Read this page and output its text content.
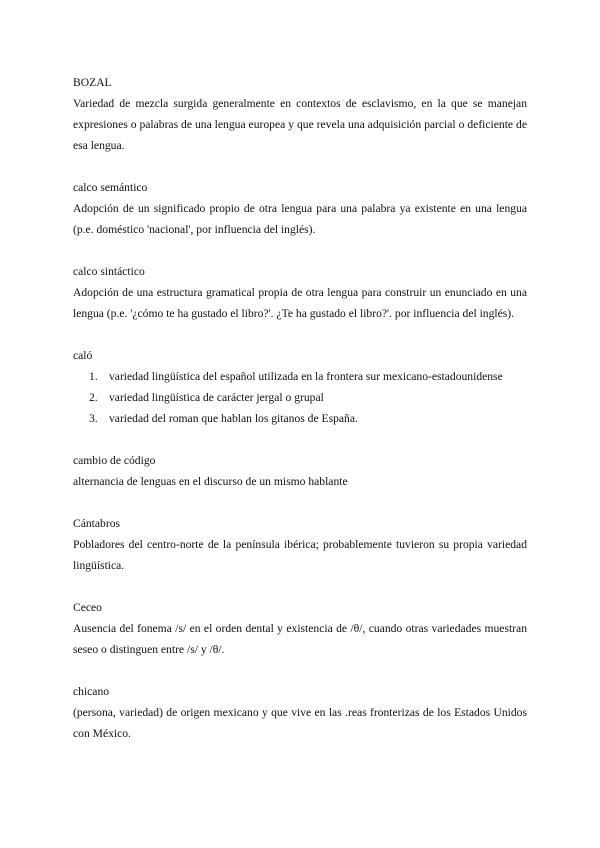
BOZAL
Variedad de mezcla surgida generalmente en contextos de esclavismo, en la que se manejan expresiones o palabras de una lengua europea y que revela una adquisición parcial o deficiente de esa lengua.
calco semántico
Adopción de un significado propio de otra lengua para una palabra ya existente en una lengua (p.e. doméstico 'nacional', por influencia del inglés).
calco sintáctico
Adopción de una estructura gramatical propia de otra lengua para construir un enunciado en una lengua (p.e. '¿cómo te ha gustado el libro?'. ¿Te ha gustado el libro?'. por influencia del inglés).
caló
1. variedad lingüística del español utilizada en la frontera sur mexicano-estadounidense
2. variedad lingüística de carácter jergal o grupal
3. variedad del roman que hablan los gitanos de España.
cambio de código
alternancia de lenguas en el discurso de un mismo hablante
Cántabros
Pobladores del centro-norte de la península ibérica; probablemente tuvieron su propia variedad lingüística.
Ceceo
Ausencia del fonema /s/ en el orden dental y existencia de /θ/, cuando otras variedades muestran seseo o distinguen entre /s/ y /θ/.
chicano
(persona, variedad) de origen mexicano y que vive en las .reas fronterizas de los Estados Unidos con México.
